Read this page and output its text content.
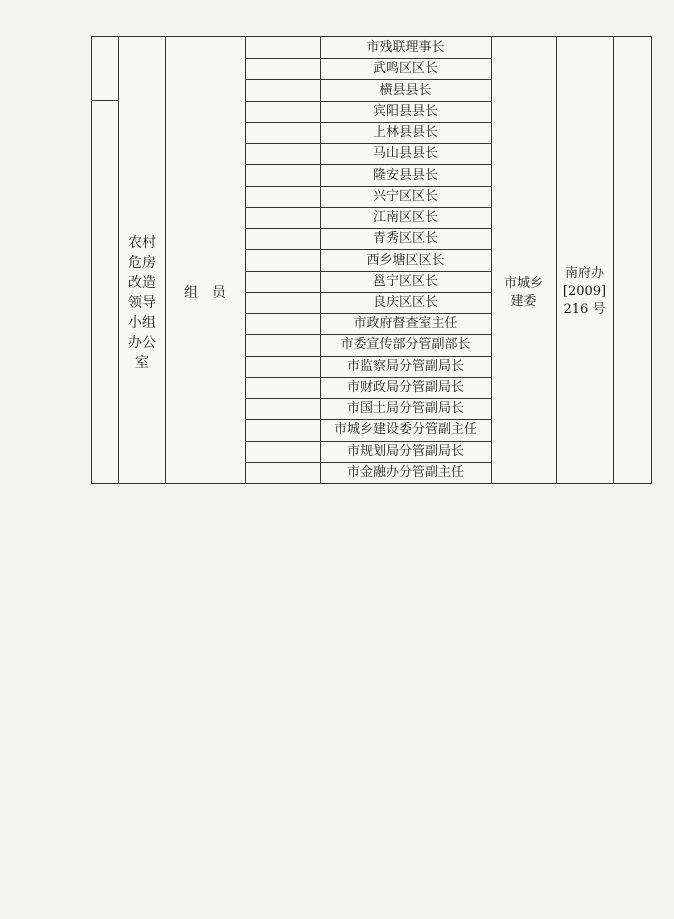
农村
危房
改造
领导
小组
办公
室
组　员
市城乡
建委
南府办
[2009]
216 号
市残联理事长
武鸣区区长
横县县长
宾阳县县长
上林县县长
马山县县长
隆安县县长
兴宁区区长
江南区区长
青秀区区长
西乡塘区区长
邕宁区区长
良庆区区长
市政府督查室主任
市委宣传部分管副部长
市监察局分管副局长
市财政局分管副局长
市国土局分管副局长
市城乡建设委分管副主任
市规划局分管副局长
市金融办分管副主任
